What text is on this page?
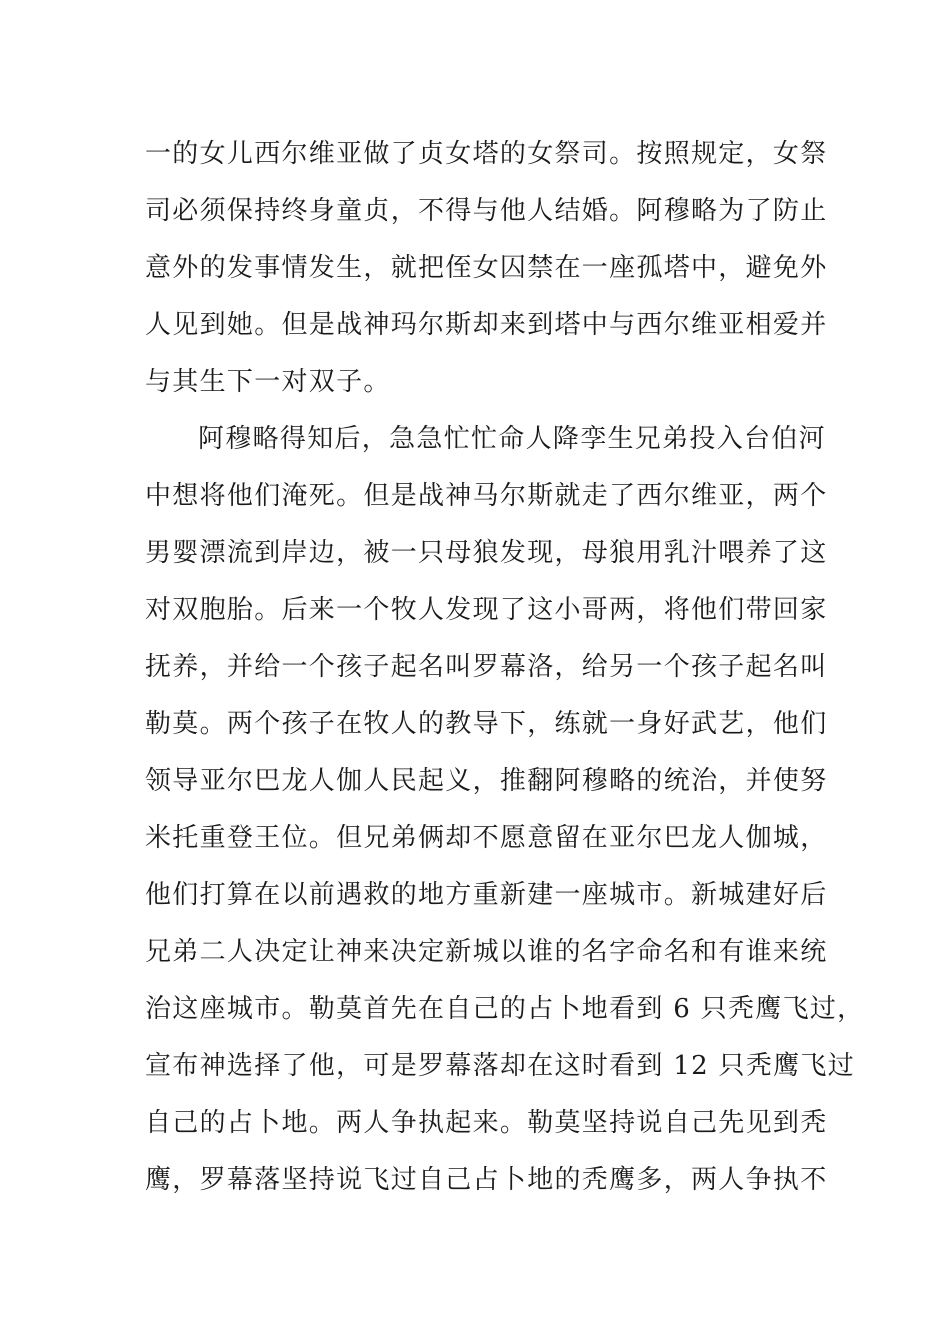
一的女儿西尔维亚做了贞女塔的女祭司。按照规定，女祭
司必须保持终身童贞，不得与他人结婚。阿穆略为了防止
意外的发事情发生，就把侄女囚禁在一座孤塔中，避免外
人见到她。但是战神玛尔斯却来到塔中与西尔维亚相爱并
与其生下一对双子。
阿穆略得知后，急急忙忙命人降孪生兄弟投入台伯河
中想将他们淹死。但是战神马尔斯就走了西尔维亚，两个
男婴漂流到岸边，被一只母狼发现，母狼用乳汁喂养了这
对双胞胎。后来一个牧人发现了这小哥两，将他们带回家
抚养，并给一个孩子起名叫罗幕洛，给另一个孩子起名叫
勒莫。两个孩子在牧人的教导下，练就一身好武艺，他们
领导亚尔巴龙人伽人民起义，推翻阿穆略的统治，并使努
米托重登王位。但兄弟俩却不愿意留在亚尔巴龙人伽城，
他们打算在以前遇救的地方重新建一座城市。新城建好后
兄弟二人决定让神来决定新城以谁的名字命名和有谁来统
治这座城市。勒莫首先在自己的占卜地看到 6 只秃鹰飞过，
宣布神选择了他，可是罗幕落却在这时看到 12 只秃鹰飞过
自己的占卜地。两人争执起来。勒莫坚持说自己先见到秃
鹰，罗幕落坚持说飞过自己占卜地的秃鹰多，两人争执不
